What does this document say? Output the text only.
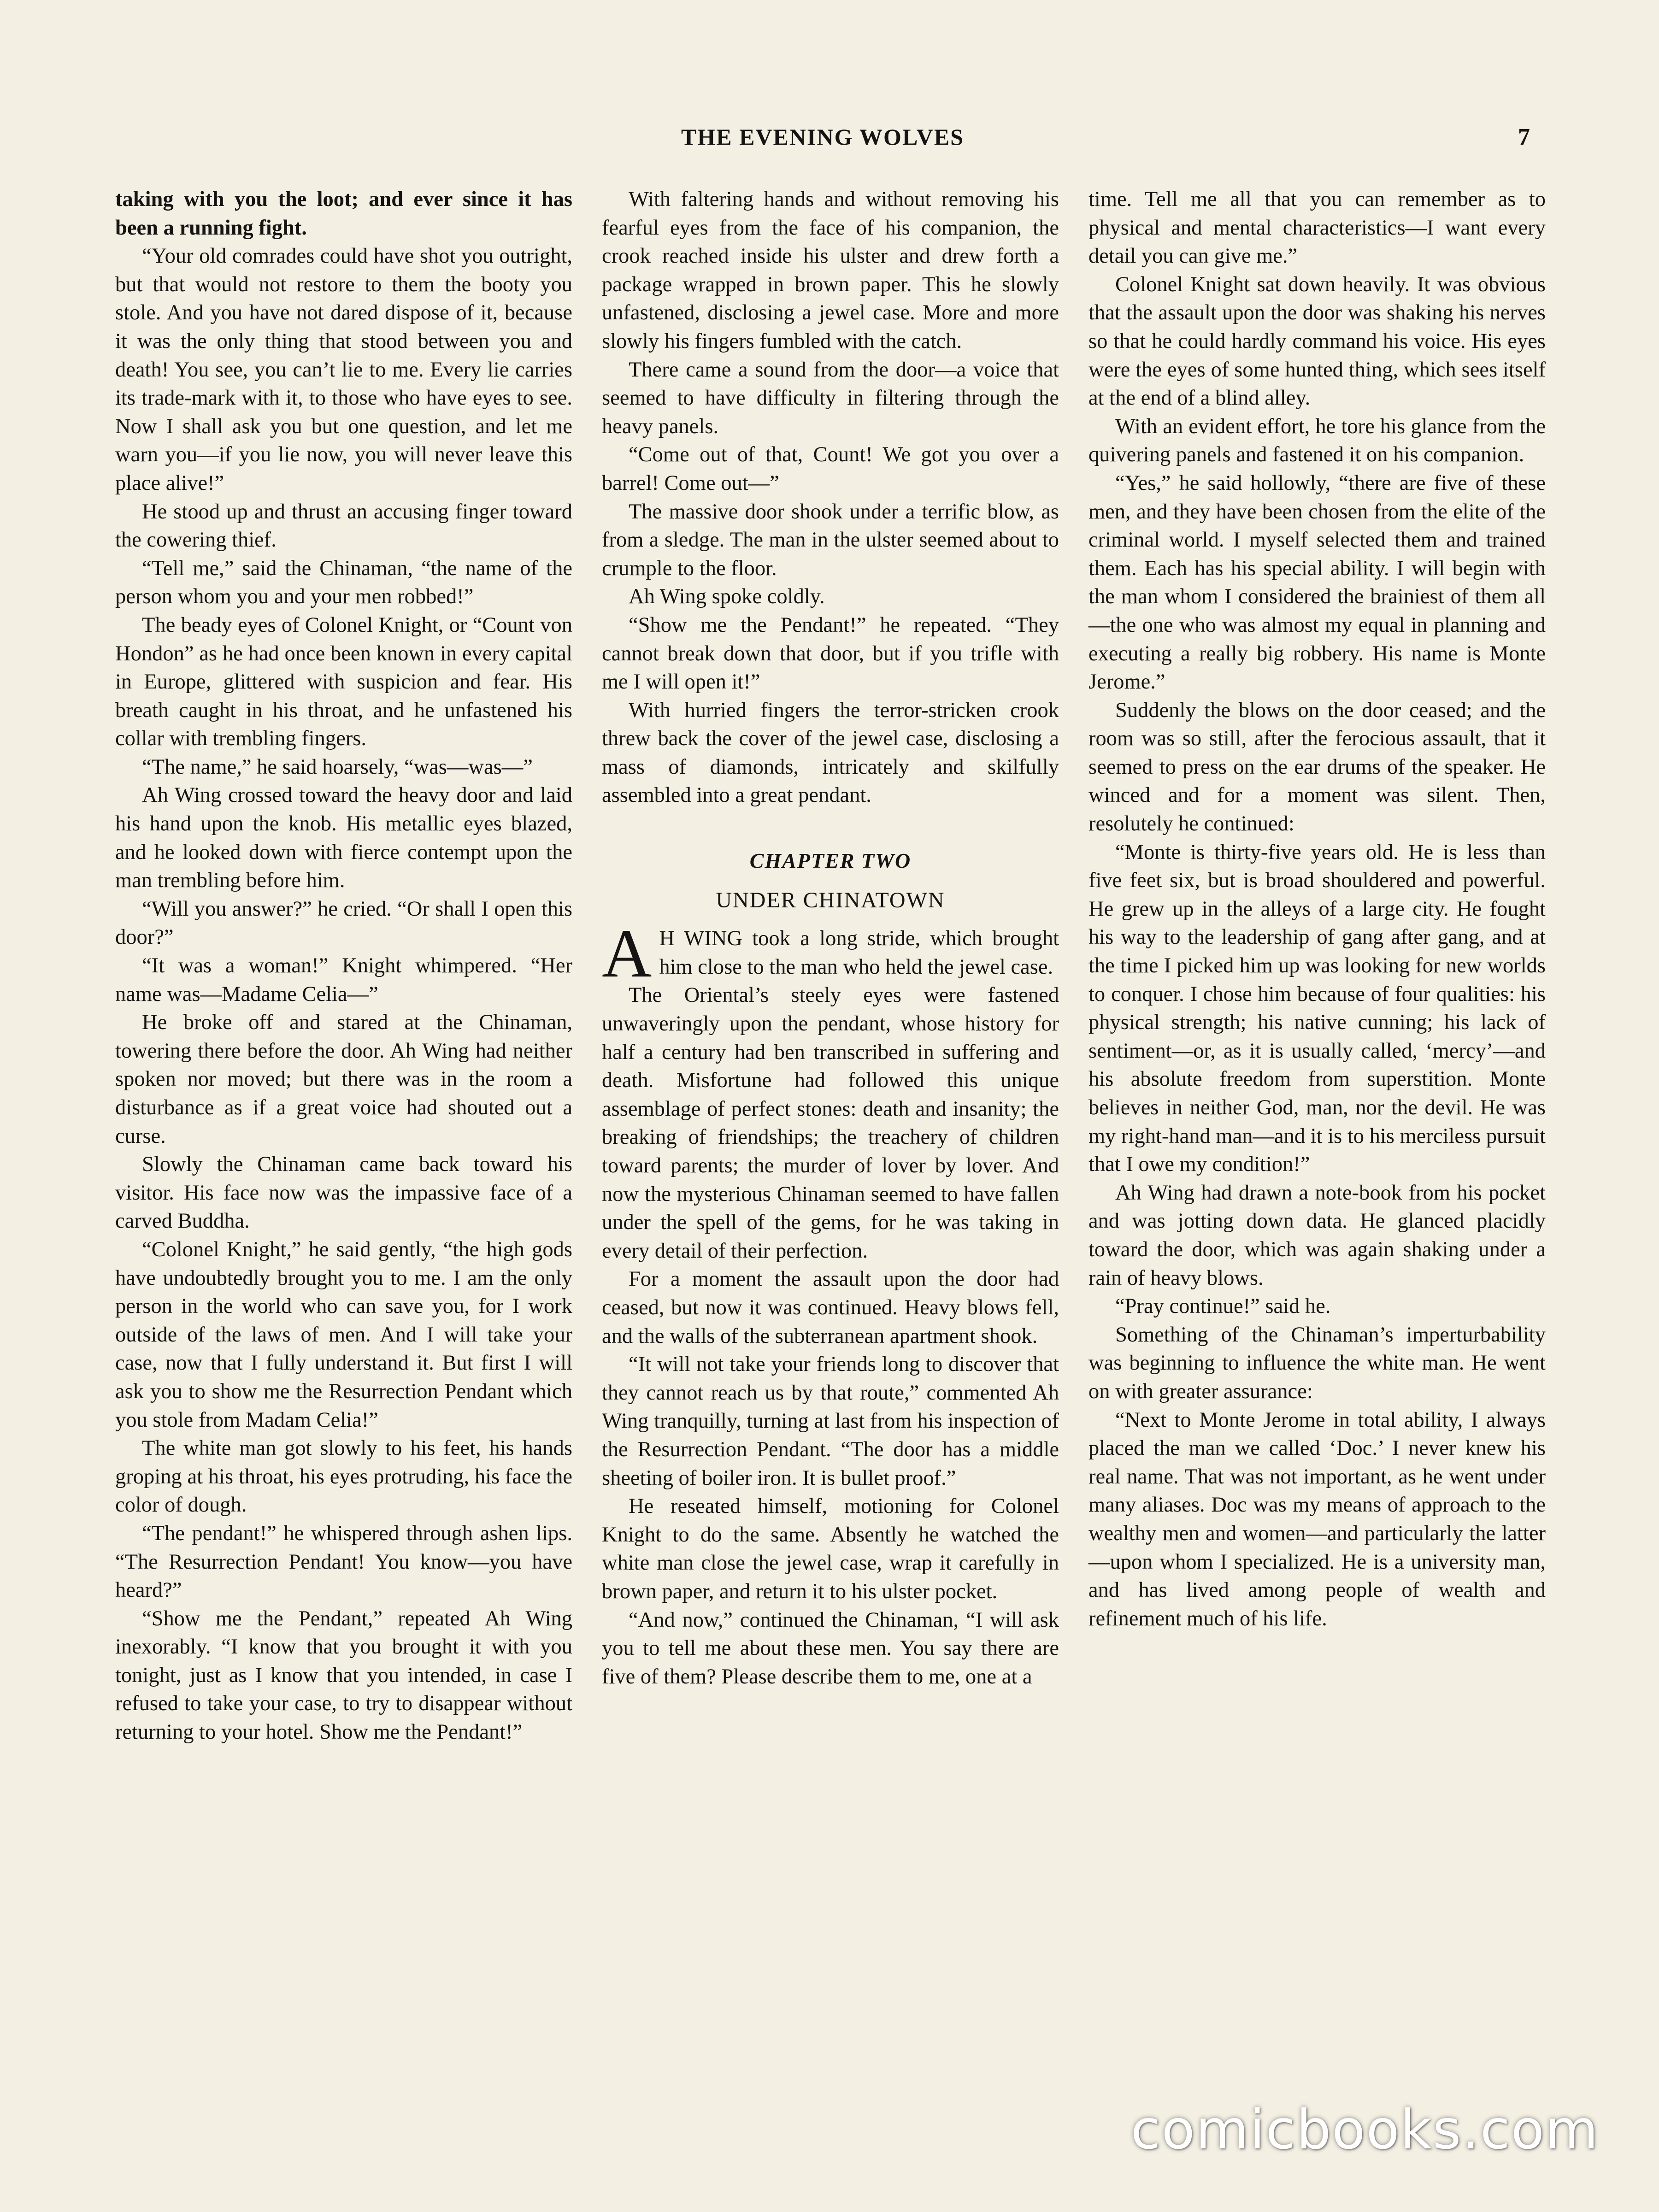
THE EVENING WOLVES	7

taking with you the loot; and ever since it has been a running fight.

“Your old comrades could have shot you outright, but that would not restore to them the booty you stole. And you have not dared dispose of it, because it was the only thing that stood between you and death! You see, you can’t lie to me. Every lie carries its trade-mark with it, to those who have eyes to see. Now I shall ask you but one question, and let me warn you—if you lie now, you will never leave this place alive!”

He stood up and thrust an accusing finger toward the cowering thief.

“Tell me,” said the Chinaman, “the name of the person whom you and your men robbed!”

The beady eyes of Colonel Knight, or “Count von Hondon” as he had once been known in every capital in Europe, glittered with suspicion and fear. His breath caught in his throat, and he unfastened his collar with trembling fingers.

“The name,” he said hoarsely, “was—was—”

Ah Wing crossed toward the heavy door and laid his hand upon the knob. His metallic eyes blazed, and he looked down with fierce contempt upon the man trembling before him.

“Will you answer?” he cried. “Or shall I open this door?”

“It was a woman!” Knight whimpered. “Her name was—Madame Celia—”

He broke off and stared at the Chinaman, towering there before the door. Ah Wing had neither spoken nor moved; but there was in the room a disturbance as if a great voice had shouted out a curse.

Slowly the Chinaman came back toward his visitor. His face now was the impassive face of a carved Buddha.

“Colonel Knight,” he said gently, “the high gods have undoubtedly brought you to me. I am the only person in the world who can save you, for I work outside of the laws of men. And I will take your case, now that I fully understand it. But first I will ask you to show me the Resurrection Pendant which you stole from Madam Celia!”

The white man got slowly to his feet, his hands groping at his throat, his eyes protruding, his face the color of dough.

“The pendant!” he whispered through ashen lips. “The Resurrection Pendant! You know—you have heard?”

“Show me the Pendant,” repeated Ah Wing inexorably. “I know that you brought it with you tonight, just as I know that you intended, in case I refused to take your case, to try to disappear without returning to your hotel. Show me the Pendant!”

With faltering hands and without removing his fearful eyes from the face of his companion, the crook reached inside his ulster and drew forth a package wrapped in brown paper. This he slowly unfastened, disclosing a jewel case. More and more slowly his fingers fumbled with the catch.

There came a sound from the door—a voice that seemed to have difficulty in filtering through the heavy panels.

“Come out of that, Count! We got you over a barrel! Come out—”

The massive door shook under a terrific blow, as from a sledge. The man in the ulster seemed about to crumple to the floor.

Ah Wing spoke coldly.

“Show me the Pendant!” he repeated. “They cannot break down that door, but if you trifle with me I will open it!”

With hurried fingers the terror-stricken crook threw back the cover of the jewel case, disclosing a mass of diamonds, intricately and skilfully assembled into a great pendant.

CHAPTER TWO
UNDER CHINATOWN

A H WING took a long stride, which brought him close to the man who held the jewel case.

The Oriental’s steely eyes were fastened unwaveringly upon the pendant, whose history for half a century had ben transcribed in suffering and death. Misfortune had followed this unique assemblage of perfect stones: death and insanity; the breaking of friendships; the treachery of children toward parents; the murder of lover by lover. And now the mysterious Chinaman seemed to have fallen under the spell of the gems, for he was taking in every detail of their perfection.

For a moment the assault upon the door had ceased, but now it was continued. Heavy blows fell, and the walls of the subterranean apartment shook.

“It will not take your friends long to discover that they cannot reach us by that route,” commented Ah Wing tranquilly, turning at last from his inspection of the Resurrection Pendant. “The door has a middle sheeting of boiler iron. It is bullet proof.”

He reseated himself, motioning for Colonel Knight to do the same. Absently he watched the white man close the jewel case, wrap it carefully in brown paper, and return it to his ulster pocket.

“And now,” continued the Chinaman, “I will ask you to tell me about these men. You say there are five of them? Please describe them to me, one at a

time. Tell me all that you can remember as to physical and mental characteristics—I want every detail you can give me.”

Colonel Knight sat down heavily. It was obvious that the assault upon the door was shaking his nerves so that he could hardly command his voice. His eyes were the eyes of some hunted thing, which sees itself at the end of a blind alley.

With an evident effort, he tore his glance from the quivering panels and fastened it on his companion.

“Yes,” he said hollowly, “there are five of these men, and they have been chosen from the elite of the criminal world. I myself selected them and trained them. Each has his special ability. I will begin with the man whom I considered the brainiest of them all—the one who was almost my equal in planning and executing a really big robbery. His name is Monte Jerome.”

Suddenly the blows on the door ceased; and the room was so still, after the ferocious assault, that it seemed to press on the ear drums of the speaker. He winced and for a moment was silent. Then, resolutely he continued:

“Monte is thirty-five years old. He is less than five feet six, but is broad shouldered and powerful. He grew up in the alleys of a large city. He fought his way to the leadership of gang after gang, and at the time I picked him up was looking for new worlds to conquer. I chose him because of four qualities: his physical strength; his native cunning; his lack of sentiment—or, as it is usually called, ‘mercy’—and his absolute freedom from superstition. Monte believes in neither God, man, nor the devil. He was my right-hand man—and it is to his merciless pursuit that I owe my condition!”

Ah Wing had drawn a note-book from his pocket and was jotting down data. He glanced placidly toward the door, which was again shaking under a rain of heavy blows.

“Pray continue!” said he.

Something of the Chinaman’s imperturbability was beginning to influence the white man. He went on with greater assurance:

“Next to Monte Jerome in total ability, I always placed the man we called ‘Doc.’ I never knew his real name. That was not important, as he went under many aliases. Doc was my means of approach to the wealthy men and women—and particularly the latter—upon whom I specialized. He is a university man, and has lived among people of wealth and refinement much of his life.

comicbooks.com
